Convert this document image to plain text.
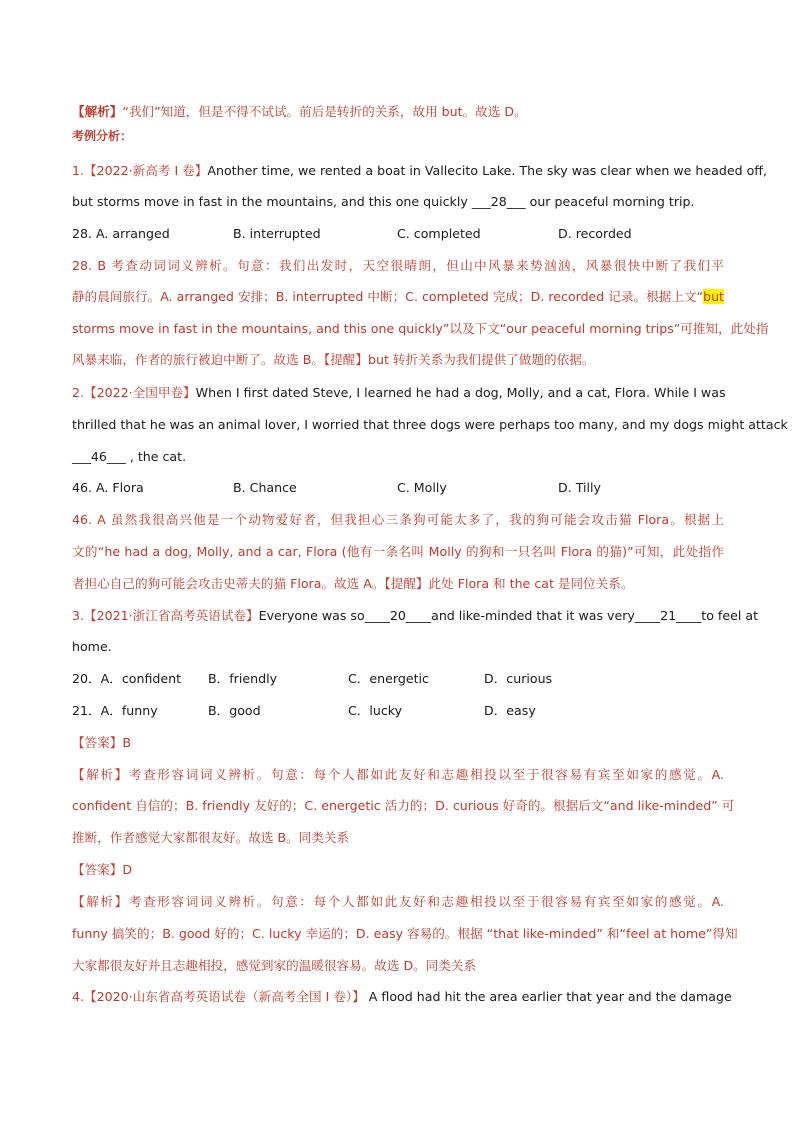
【解析】“我们”知道，但是不得不试试。前后是转折的关系，故用 but。故选 D。
考例分析：
1.【2022·新高考 I 卷】Another time, we rented a boat in Vallecito Lake. The sky was clear when we headed off,
but storms move in fast in the mountains, and this one quickly ___28___ our peaceful morning trip.
28. A. arranged	B. interrupted	C. completed	D. recorded
28. B 考查动词词义辨析。句意：我们出发时，天空很晴朗，但山中风暴来势汹汹，风暴很快中断了我们平
静的晨间旅行。A. arranged 安排；B. interrupted 中断；C. completed 完成；D. recorded 记录。根据上文“but
storms move in fast in the mountains, and this one quickly”以及下文“our peaceful morning trips”可推知，此处指
风暴来临，作者的旅行被迫中断了。故选 B。【提醒】but 转折关系为我们提供了做题的依据。
2.【2022·全国甲卷】When I first dated Steve, I learned he had a dog, Molly, and a cat, Flora. While I was
thrilled that he was an animal lover, I worried that three dogs were perhaps too many, and my dogs might attack
___46___ , the cat.
46. A. Flora	B. Chance	C. Molly	D. Tilly
46. A 虽然我很高兴他是一个动物爱好者，但我担心三条狗可能太多了，我的狗可能会攻击猫 Flora。根据上
文的“he had a dog, Molly, and a car, Flora (他有一条名叫 Molly 的狗和一只名叫 Flora 的猫)”可知，此处指作
者担心自己的狗可能会攻击史蒂夫的猫 Flora。故选 A。【提醒】此处 Flora 和 the cat 是同位关系。
3.【2021·浙江省高考英语试卷】Everyone was so____20____and like-minded that it was very____21____to feel at
home.
20．A．confident B．friendly	C．energetic	D．curious
21．A．funny	B．good	C．lucky	D．easy
【答案】B
【解析】考查形容词词义辨析。句意：每个人都如此友好和志趣相投以至于很容易有宾至如家的感觉。A.
confident 自信的；B. friendly 友好的；C. energetic 活力的；D. curious 好奇的。根据后文“and like-minded” 可
推断，作者感觉大家都很友好。故选 B。同类关系
【答案】D
【解析】考查形容词词义辨析。句意：每个人都如此友好和志趣相投以至于很容易有宾至如家的感觉。A.
funny 搞笑的；B. good 好的；C. lucky 幸运的；D. easy 容易的。根据 “that like-minded” 和“feel at home”得知
大家都很友好并且志趣相投，感觉到家的温暖很容易。故选 D。同类关系
4.【2020·山东省高考英语试卷（新高考全国 I 卷）】 A flood had hit the area earlier that year and the damage
